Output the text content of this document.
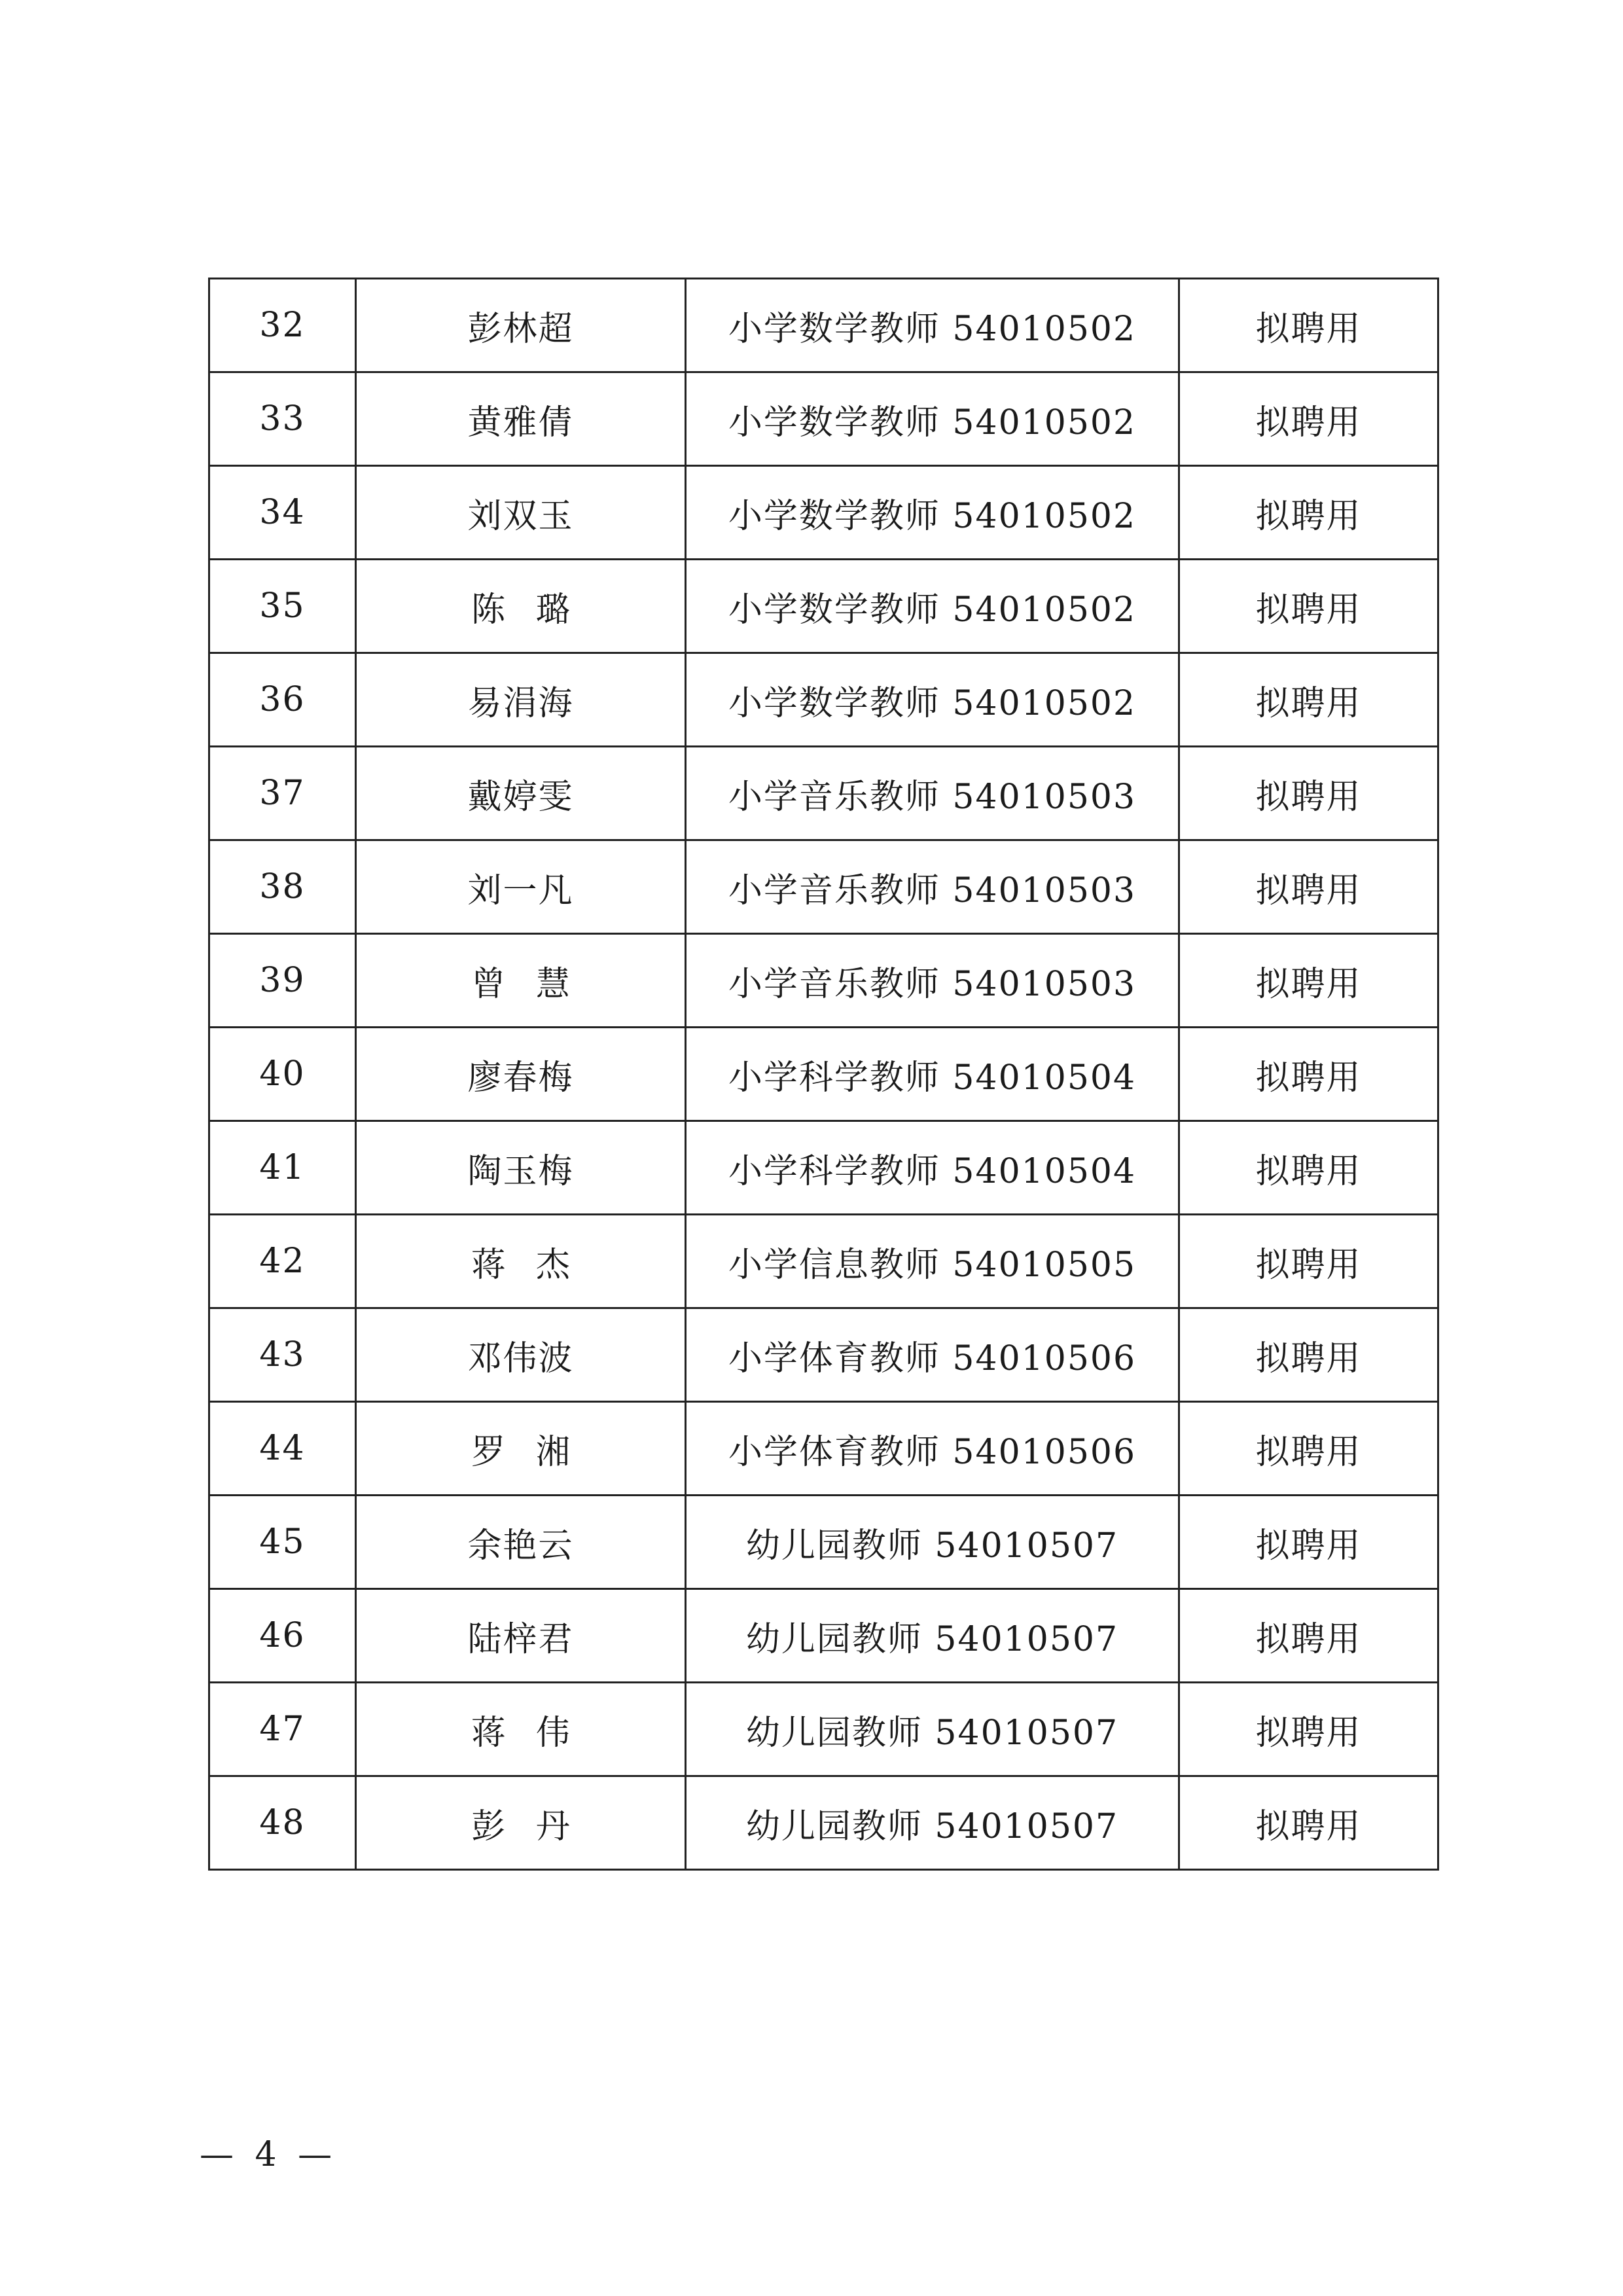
32	彭林超	小学数学教师 54010502	拟聘用
33	黄雅倩	小学数学教师 54010502	拟聘用
34	刘双玉	小学数学教师 54010502	拟聘用
35	陈璐	小学数学教师 54010502	拟聘用
36	易涓海	小学数学教师 54010502	拟聘用
37	戴婷雯	小学音乐教师 54010503	拟聘用
38	刘一凡	小学音乐教师 54010503	拟聘用
39	曾慧	小学音乐教师 54010503	拟聘用
40	廖春梅	小学科学教师 54010504	拟聘用
41	陶玉梅	小学科学教师 54010504	拟聘用
42	蒋杰	小学信息教师 54010505	拟聘用
43	邓伟波	小学体育教师 54010506	拟聘用
44	罗湘	小学体育教师 54010506	拟聘用
45	余艳云	幼儿园教师 54010507	拟聘用
46	陆梓君	幼儿园教师 54010507	拟聘用
47	蒋伟	幼儿园教师 54010507	拟聘用
48	彭丹	幼儿园教师 54010507	拟聘用
— 4 —
